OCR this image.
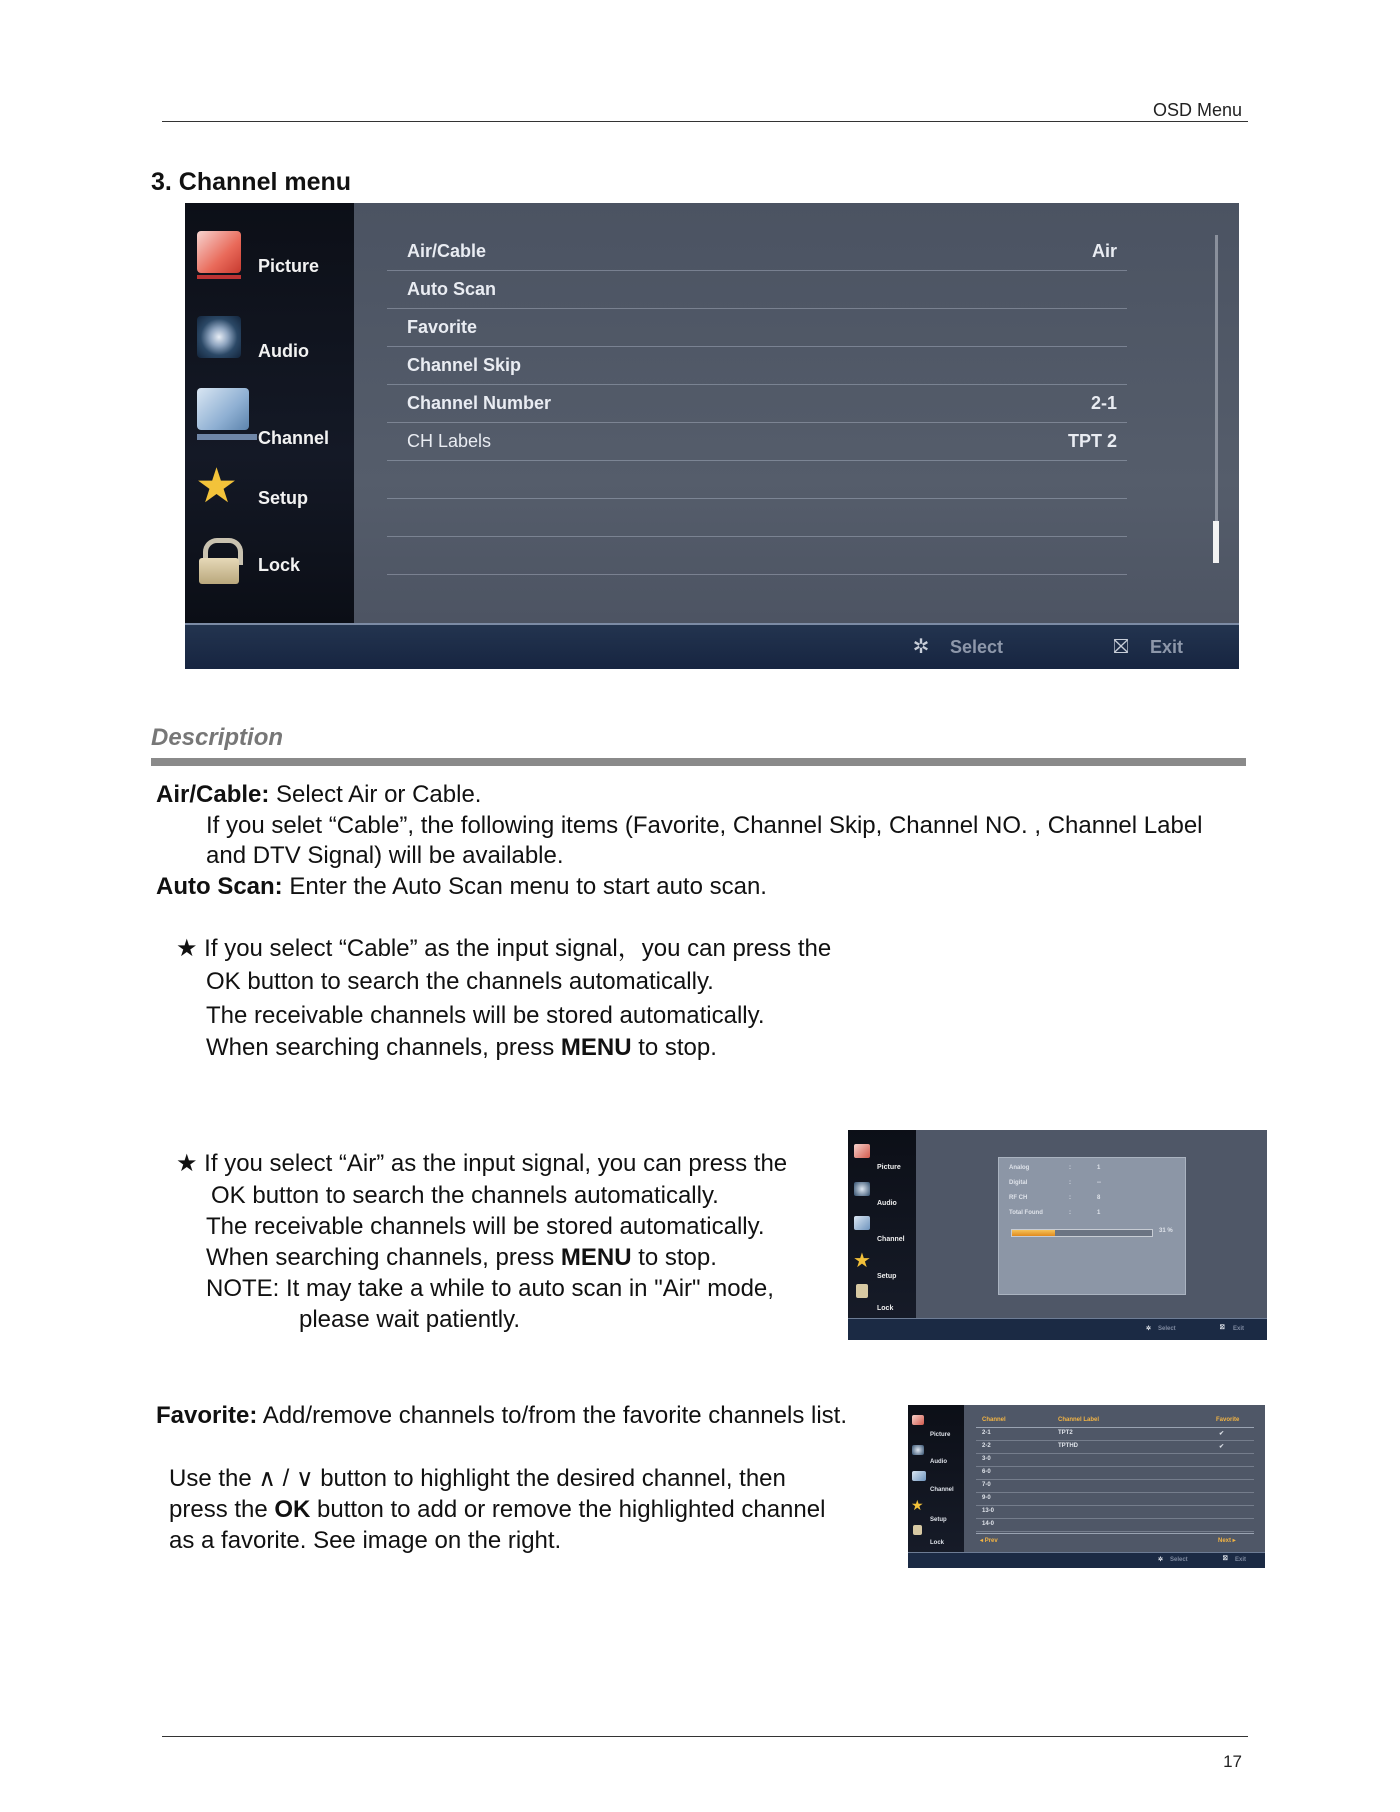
OSD Menu
3. Channel menu
Picture
Audio
Channel
★ Setup
Lock
Air/Cable	Air
Auto Scan
Favorite
Channel Skip
Channel Number	2-1
CH Labels	TPT 2
✲ Select	⛝ Exit
Description
Air/Cable: Select Air or Cable.
If you selet “Cable”, the following items (Favorite, Channel Skip, Channel NO. , Channel Label
and DTV Signal) will be available.
Auto Scan: Enter the Auto Scan menu to start auto scan.
★ If you select “Cable” as the input signal，you can press the
OK button to search the channels automatically.
The receivable channels will be stored automatically.
When searching channels, press MENU to stop.
★ If you select “Air” as the input signal, you can press the
OK button to search the channels automatically.
The receivable channels will be stored automatically.
When searching channels, press MENU to stop.
NOTE: It may take a while to auto scan in "Air" mode,
please wait patiently.
Picture
Audio
Channel
★
Setup
Lock
Analog	:	1
Digital	:	--
RF CH	:	8
Total Found	:	1
31 %
✲ Select	⛝ Exit
Favorite: Add/remove channels to/from the favorite channels list.
Use the ∧ / ∨ button to highlight the desired channel, then
press the OK button to add or remove the highlighted channel
as a favorite. See image on the right.
Picture
Audio
Channel
★
Setup
Lock
Channel	Channel Label	Favorite
2-1	TPT2	✔
2-2	TPTHD	✔
3-0
6-0
7-0
9-0
13-0
14-0
◂ Prev	Next ▸
✲ Select	⛝ Exit
17
